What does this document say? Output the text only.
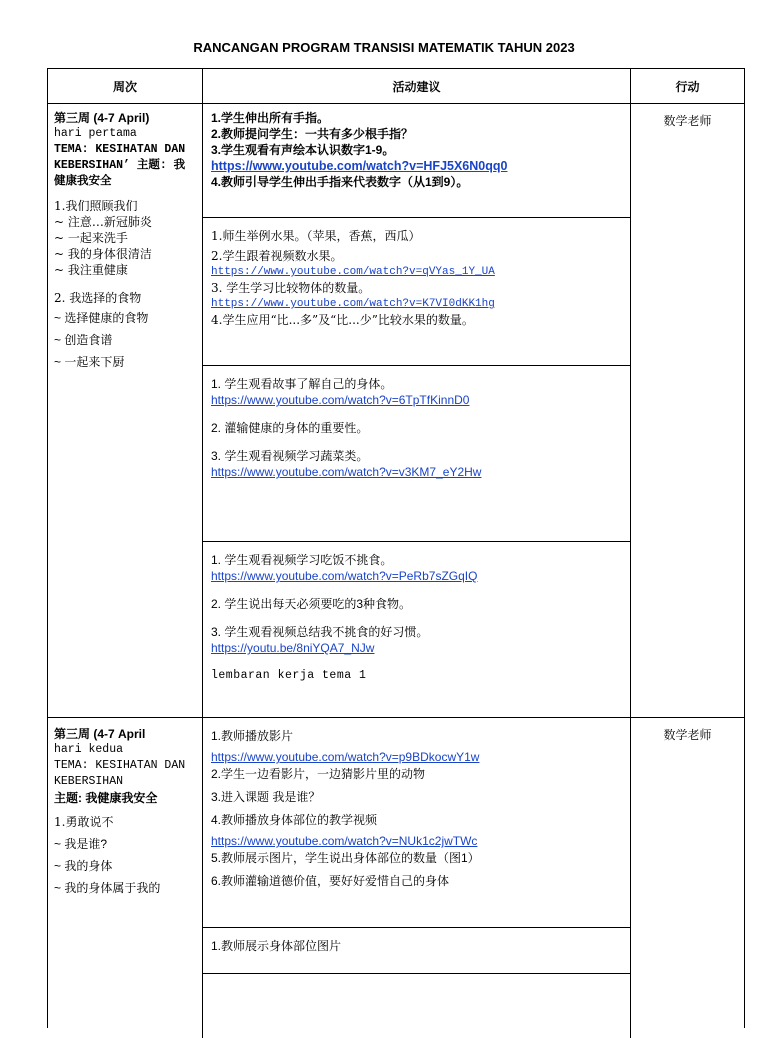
RANCANGAN PROGRAM TRANSISI MATEMATIK TAHUN 2023
周次	活动建议	行动
第三周 (4-7 April)
hari pertama
TEMA: KESIHATAN DAN KEBERSIHAN’ 主题: 我健康我安全
1.我们照顾我们
~ 注意…新冠肺炎
~ 一起来洗手
~ 我的身体很清洁
~ 我注重健康
2. 我选择的食物
~ 选择健康的食物
~ 创造食谱
~ 一起来下厨
1.学生伸出所有手指。
2.教师提问学生：一共有多少根手指？
3.学生观看有声绘本认识数字1-9。
https://www.youtube.com/watch?v=HFJ5X6N0qq0
4.教师引导学生伸出手指来代表数字（从1到9）。
1.师生举例水果。（苹果，香蕉，西瓜）
2.学生跟着视频数水果。
https://www.youtube.com/watch?v=qVYas_1Y_UA
3. 学生学习比较物体的数量。
https://www.youtube.com/watch?v=K7VI0dKK1hg
4.学生应用“比...多”及“比...少”比较水果的数量。
1. 学生观看故事了解自己的身体。
https://www.youtube.com/watch?v=6TpTfKinnD0
2. 灌输健康的身体的重要性。
3. 学生观看视频学习蔬菜类。
https://www.youtube.com/watch?v=v3KM7_eY2Hw
1. 学生观看视频学习吃饭不挑食。
https://www.youtube.com/watch?v=PeRb7sZGqIQ
2. 学生说出每天必须要吃的3种食物。
3. 学生观看视频总结我不挑食的好习惯。
https://youtu.be/8niYQA7_NJw
lembaran kerja tema 1
数学老师
第三周 (4-7 April
hari kedua
TEMA: KESIHATAN DAN KEBERSIHAN
主题: 我健康我安全
1.勇敢说不
~ 我是谁?
~ 我的身体
~ 我的身体属于我的
1.教师播放影片
https://www.youtube.com/watch?v=p9BDkocwY1w
2.学生一边看影片，一边猜影片里的动物
3.进入课题 我是谁？
4.教师播放身体部位的教学视频
https://www.youtube.com/watch?v=NUk1c2jwTWc
5.教师展示图片，学生说出身体部位的数量（图1）
6.教师灌输道德价值，要好好爱惜自己的身体
1.教师展示身体部位图片
数学老师
